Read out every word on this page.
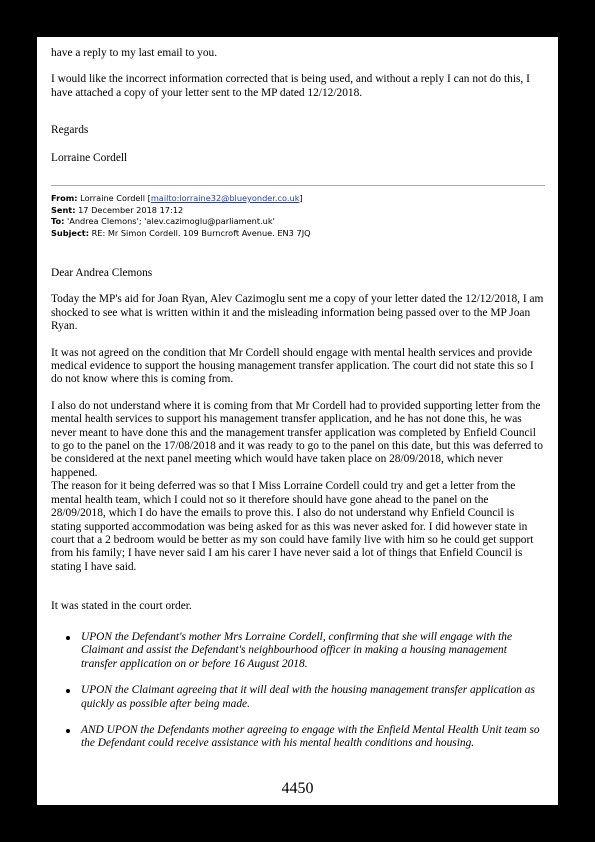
have a reply to my last email to you.

I would like the incorrect information corrected that is being used, and without a reply I can not do this, I have attached a copy of your letter sent to the MP dated 12/12/2018.

Regards

Lorraine Cordell

From: Lorraine Cordell [mailto:lorraine32@blueyonder.co.uk]
Sent: 17 December 2018 17:12
To: 'Andrea Clemons'; 'alev.cazimoglu@parliament.uk'
Subject: RE: Mr Simon Cordell. 109 Burncroft Avenue. EN3 7JQ

Dear Andrea Clemons

Today the MP's aid for Joan Ryan, Alev Cazimoglu sent me a copy of your letter dated the 12/12/2018, I am shocked to see what is written within it and the misleading information being passed over to the MP Joan Ryan.

It was not agreed on the condition that Mr Cordell should engage with mental health services and provide medical evidence to support the housing management transfer application. The court did not state this so I do not know where this is coming from.

I also do not understand where it is coming from that Mr Cordell had to provided supporting letter from the mental health services to support his management transfer application, and he has not done this, he was never meant to have done this and the management transfer application was completed by Enfield Council to go to the panel on the 17/08/2018 and it was ready to go to the panel on this date, but this was deferred to be considered at the next panel meeting which would have taken place on 28/09/2018, which never happened.

The reason for it being deferred was so that I Miss Lorraine Cordell could try and get a letter from the mental health team, which I could not so it therefore should have gone ahead to the panel on the 28/09/2018, which I do have the emails to prove this. I also do not understand why Enfield Council is stating supported accommodation was being asked for as this was never asked for. I did however state in court that a 2 bedroom would be better as my son could have family live with him so he could get support from his family; I have never said I am his carer I have never said a lot of things that Enfield Council is stating I have said.

It was stated in the court order.

UPON the Defendant's mother Mrs Lorraine Cordell, confirming that she will engage with the Claimant and assist the Defendant's neighbourhood officer in making a housing management transfer application on or before 16 August 2018.
UPON the Claimant agreeing that it will deal with the housing management transfer application as quickly as possible after being made.
AND UPON the Defendants mother agreeing to engage with the Enfield Mental Health Unit team so the Defendant could receive assistance with his mental health conditions and housing.
4450
